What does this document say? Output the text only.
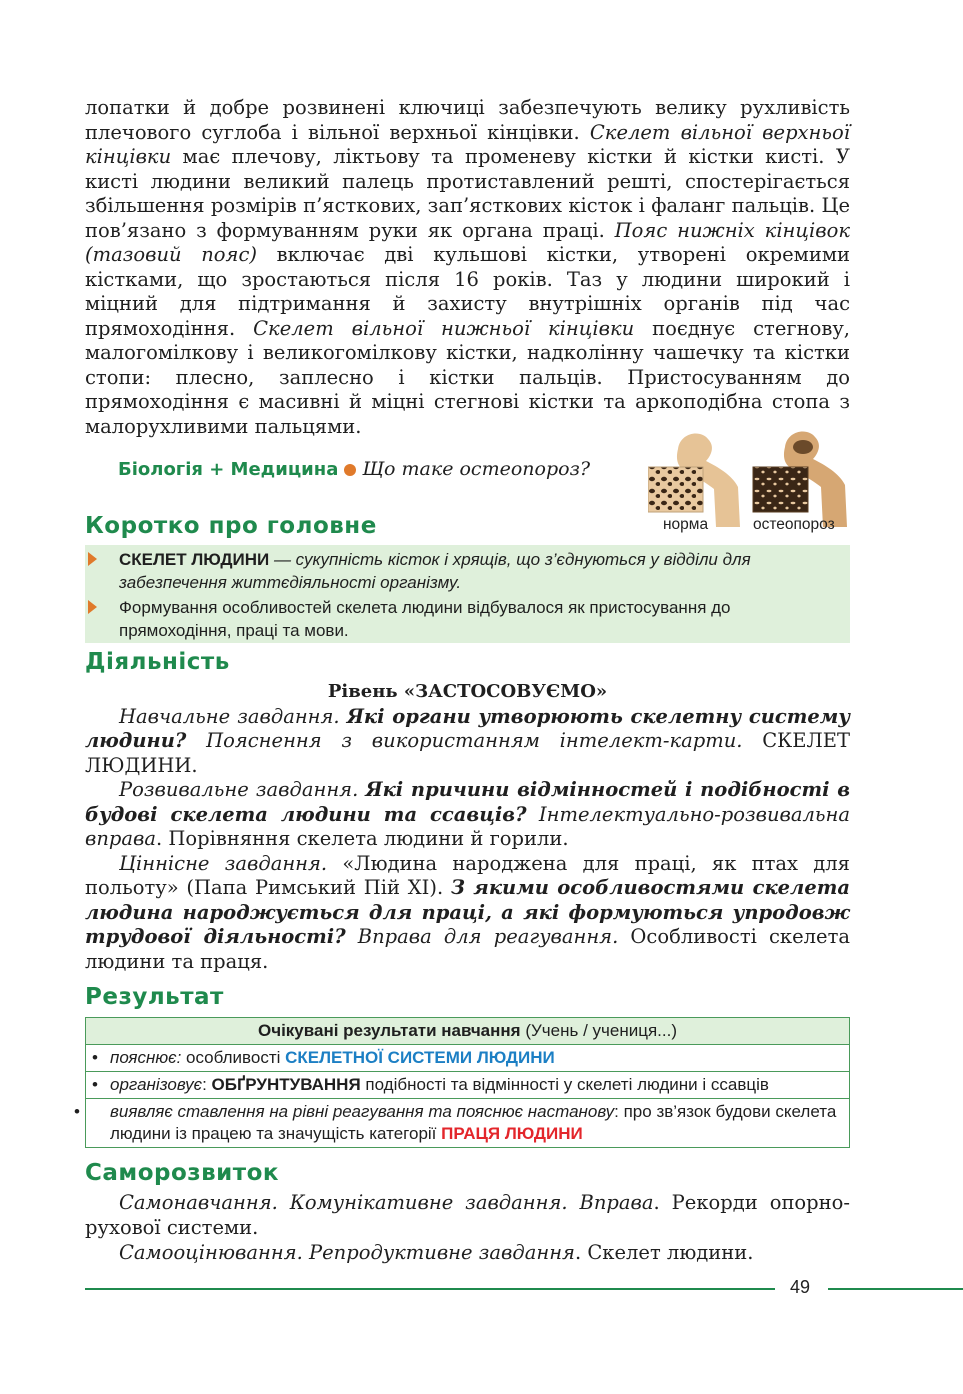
лопатки й добре розвинені ключиці забезпечують велику рухливість плечового суглоба і вільної верхньої кінцівки. Скелет вільної верхньої кінцівки має плечову, ліктьову та променеву кістки й кістки кисті. У кисті людини великий палець протиставлений решті, спостерігається збільшення розмірів п’ясткових, зап’ясткових кісток і фаланг пальців. Це пов’язано з формуванням руки як органа праці. Пояс нижніх кінцівок (тазовий пояс) включає дві кульшові кістки, утворені окремими кістками, що зростаються після 16 років. Таз у людини широкий і міцний для підтримання й захисту внутрішніх органів під час прямоходіння. Скелет вільної нижньої кінцівки поєднує стегнову, малогомілкову і великогомілкову кістки, надколінну чашечку та кістки стопи: плесно, заплесно і кістки пальців. Пристосуванням до прямоходіння є масивні й міцні стегнові кістки та аркоподібна стопа з малорухливими пальцями.

Біологія + Медицина Що таке остеопороз?
норма	остеопороз
Коротко про головне
СКЕЛЕТ ЛЮДИНИ — сукупність кісток і хрящів, що з’єднуються у відділи для забезпечення життєдіяльності організму.
Формування особливостей скелета людини відбувалося як пристосування до прямоходіння, праці та мови.
Діяльність

Рівень «ЗАСТОСОВУЄМО»

Навчальне завдання. Які органи утворюють скелетну систему людини? Пояснення з використанням інтелект-карти. СКЕЛЕТ ЛЮДИНИ.

Розвивальне завдання. Які причини відмінностей і подібності в будові скелета людини та ссавців? Інтелектуально-розвивальна вправа. Порівняння скелета людини й горили.

Ціннісне завдання. «Людина народжена для праці, як птах для польоту» (Папа Римський Пій ХІ). З якими особливостями скелета людина народжується для праці, а які формуються упродовж трудової діяльності? Вправа для реагування. Особливості скелета людини та праця.

Результат
Очікувані результати навчання (Учень / учениця...)
• пояснює: особливості СКЕЛЕТНОЇ СИСТЕМИ ЛЮДИНИ
• організовує: ОБҐРУНТУВАННЯ подібності та відмінності у скелеті людини і ссавців
• виявляє ставлення на рівні реагування та пояснює настанову: про зв’язок будови скелета людини із працею та значущість категорії ПРАЦЯ ЛЮДИНИ
Саморозвиток

Самонавчання. Комунікативне завдання. Вправа. Рекорди опорно-рухової системи.

Самооцінювання. Репродуктивне завдання. Скелет людини.

49
